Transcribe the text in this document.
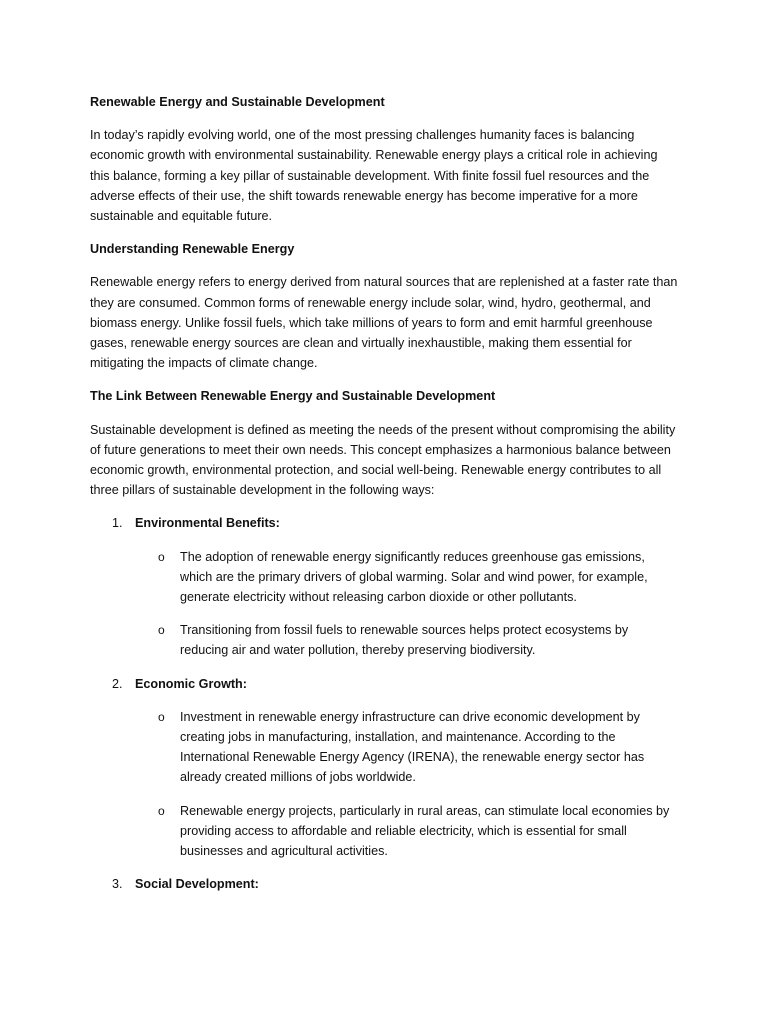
Renewable Energy and Sustainable Development

In today’s rapidly evolving world, one of the most pressing challenges humanity faces is balancing economic growth with environmental sustainability. Renewable energy plays a critical role in achieving this balance, forming a key pillar of sustainable development. With finite fossil fuel resources and the adverse effects of their use, the shift towards renewable energy has become imperative for a more sustainable and equitable future.

Understanding Renewable Energy

Renewable energy refers to energy derived from natural sources that are replenished at a faster rate than they are consumed. Common forms of renewable energy include solar, wind, hydro, geothermal, and biomass energy. Unlike fossil fuels, which take millions of years to form and emit harmful greenhouse gases, renewable energy sources are clean and virtually inexhaustible, making them essential for mitigating the impacts of climate change.

The Link Between Renewable Energy and Sustainable Development

Sustainable development is defined as meeting the needs of the present without compromising the ability of future generations to meet their own needs. This concept emphasizes a harmonious balance between economic growth, environmental protection, and social well-being. Renewable energy contributes to all three pillars of sustainable development in the following ways:

1. Environmental Benefits:
o	The adoption of renewable energy significantly reduces greenhouse gas emissions, which are the primary drivers of global warming. Solar and wind power, for example, generate electricity without releasing carbon dioxide or other pollutants.
o	Transitioning from fossil fuels to renewable sources helps protect ecosystems by reducing air and water pollution, thereby preserving biodiversity.
2. Economic Growth:
o	Investment in renewable energy infrastructure can drive economic development by creating jobs in manufacturing, installation, and maintenance. According to the International Renewable Energy Agency (IRENA), the renewable energy sector has already created millions of jobs worldwide.
o	Renewable energy projects, particularly in rural areas, can stimulate local economies by providing access to affordable and reliable electricity, which is essential for small businesses and agricultural activities.
3. Social Development:
